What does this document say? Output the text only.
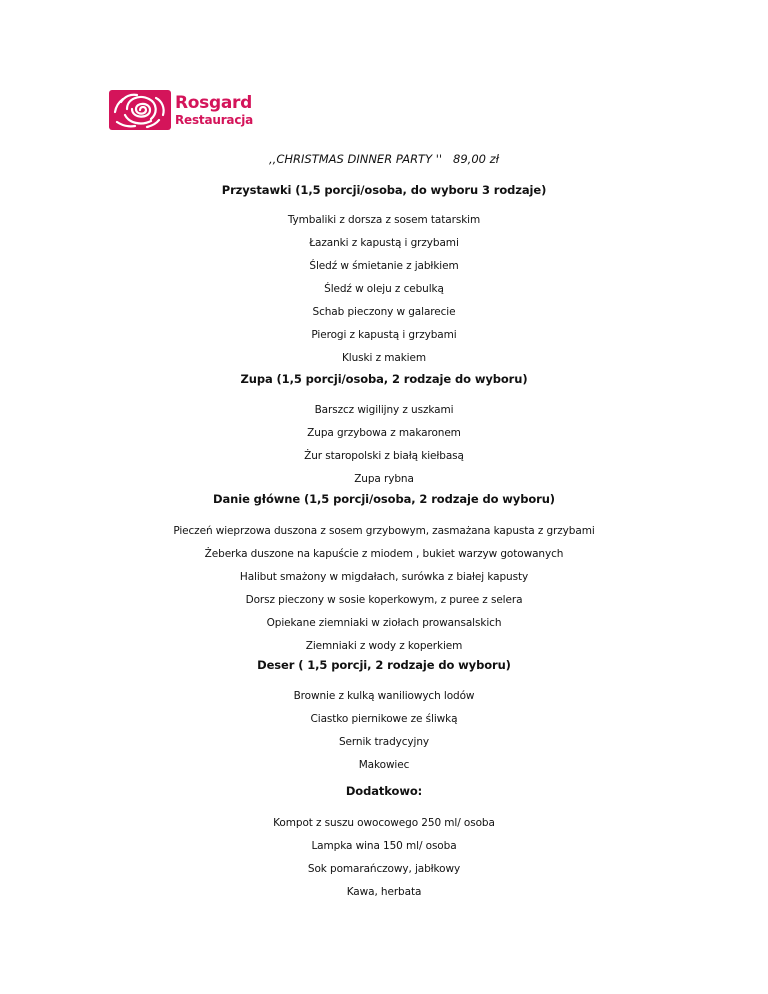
Rosgard
Restauracja
,,CHRISTMAS DINNER PARTY ''   89,00 zł
Przystawki (1,5 porcji/osoba, do wyboru 3 rodzaje)
Tymbaliki z dorsza z sosem tatarskim
Łazanki z kapustą i grzybami
Śledź w śmietanie z jabłkiem
Śledź w oleju z cebulką
Schab pieczony w galarecie
Pierogi z kapustą i grzybami
Kluski z makiem
Zupa (1,5 porcji/osoba, 2 rodzaje do wyboru)
Barszcz wigilijny z uszkami
Zupa grzybowa z makaronem
Żur staropolski z białą kiełbasą
Zupa rybna
Danie główne (1,5 porcji/osoba, 2 rodzaje do wyboru)
Pieczeń wieprzowa duszona z sosem grzybowym, zasmażana kapusta z grzybami
Żeberka duszone na kapuście z miodem , bukiet warzyw gotowanych
Halibut smażony w migdałach, surówka z białej kapusty
Dorsz pieczony w sosie koperkowym, z puree z selera
Opiekane ziemniaki w ziołach prowansalskich
Ziemniaki z wody z koperkiem
Deser ( 1,5 porcji, 2 rodzaje do wyboru)
Brownie z kulką waniliowych lodów
Ciastko piernikowe ze śliwką
Sernik tradycyjny
Makowiec
Dodatkowo:
Kompot z suszu owocowego 250 ml/ osoba
Lampka wina 150 ml/ osoba
Sok pomarańczowy, jabłkowy
Kawa, herbata
